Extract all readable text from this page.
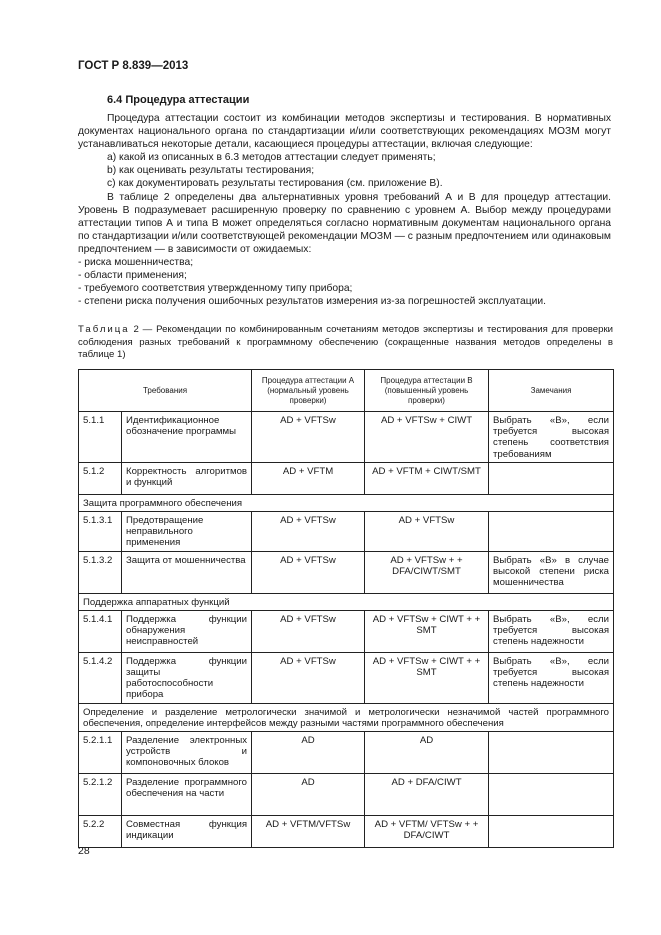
ГОСТ Р 8.839—2013
6.4 Процедура аттестации

Процедура аттестации состоит из комбинации методов экспертизы и тестирования. В нормативных документах национального органа по стандартизации и/или соответствующих рекомендациях МОЗМ могут устанавливаться некоторые детали, касающиеся процедуры аттестации, включая следующие:

a) какой из описанных в 6.3 методов аттестации следует применять;

b) как оценивать результаты тестирования;

c) как документировать результаты тестирования (см. приложение В).

В таблице 2 определены два альтернативных уровня требований А и В для процедур аттестации. Уровень В подразумевает расширенную проверку по сравнению с уровнем А. Выбор между процедурами аттестации типов А и типа В может определяться согласно нормативным документам национального органа по стандартизации и/или соответствующей рекомендации МОЗМ — с разным предпочтением или одинаковым предпочтением — в зависимости от ожидаемых:

- риска мошенничества;

- области применения;

- требуемого соответствия утвержденному типу прибора;

- степени риска получения ошибочных результатов измерения из-за погрешностей эксплуатации.

Таблица 2 — Рекомендации по комбинированным сочетаниям методов экспертизы и тестирования для проверки соблюдения разных требований к программному обеспечению (сокращенные названия методов определены в таблице 1)
Требования		Процедура аттестации А (нормальный уровень проверки)	Процедура аттестации В (повышенный уровень проверки)	Замечания
5.1.1	Идентификационное обозначение программы	AD + VFTSw	AD + VFTSw + CIWT	Выбрать «В», если требуется высокая степень соответствия требованиям
5.1.2	Корректность алгоритмов и функций	AD + VFTM	AD + VFTM + CIWT/SMT	
Защита программного обеспечения				
5.1.3.1	Предотвращение неправильного применения	AD + VFTSw	AD + VFTSw	
5.1.3.2	Защита от мошенничества	AD + VFTSw	AD + VFTSw + + DFA/CIWT/SMT	Выбрать «В» в случае высокой степени риска мошенничества
Поддержка аппаратных функций				
5.1.4.1	Поддержка функции обнаружения неисправностей	AD + VFTSw	AD + VFTSw + CIWT + + SMT	Выбрать «В», если требуется высокая степень надежности
5.1.4.2	Поддержка функции защиты работоспособности прибора	AD + VFTSw	AD + VFTSw + CIWT + + SMT	Выбрать «В», если требуется высокая степень надежности
Определение и разделение метрологически значимой и метрологически незначимой частей программного обеспечения, определение интерфейсов между разными частями программного обеспечения				
5.2.1.1	Разделение электронных устройств и компоновочных блоков	AD	AD	
5.2.1.2	Разделение программного обеспечения на части	AD	AD + DFA/CIWT	
5.2.2	Совместная функция индикации	AD + VFTM/VFTSw	AD + VFTM/ VFTSw + + DFA/CIWT	
28
